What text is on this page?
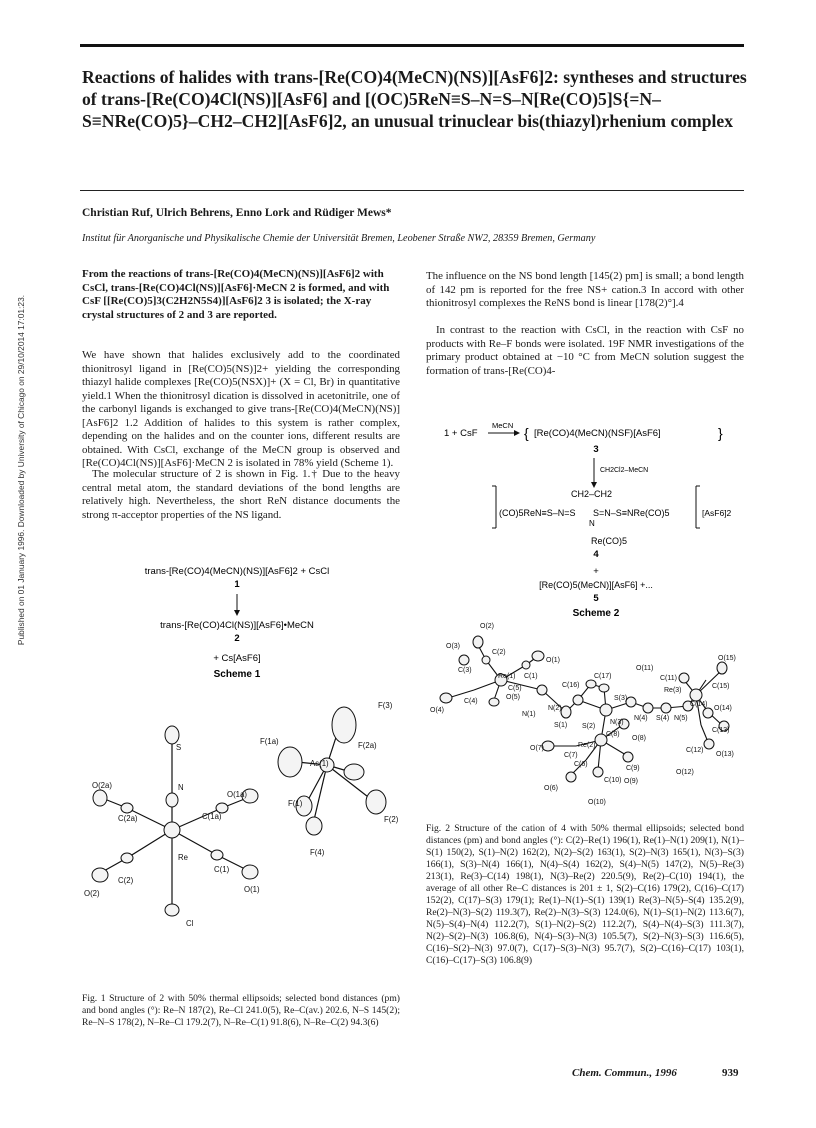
Reactions of halides with trans-[Re(CO)4(MeCN)(NS)][AsF6]2: syntheses and structures of trans-[Re(CO)4Cl(NS)][AsF6] and [(OC)5ReN≡S–N=S–N[Re(CO)5]S{=N–S≡NRe(CO)5}–CH2–CH2][AsF6]2, an unusual trinuclear bis(thiazyl)rhenium complex
Christian Ruf, Ulrich Behrens, Enno Lork and Rüdiger Mews*
Institut für Anorganische und Physikalische Chemie der Universität Bremen, Leobener Straße NW2, 28359 Bremen, Germany
Published on 01 January 1996. Downloaded by University of Chicago on 29/10/2014 17:01:23.

From the reactions of trans-[Re(CO)4(MeCN)(NS)][AsF6]2 with CsCl, trans-[Re(CO)4Cl(NS)][AsF6]·MeCN 2 is formed, and with CsF [[Re(CO)5]3(C2H2N5S4)][AsF6]2 3 is isolated; the X-ray crystal structures of 2 and 3 are reported.

We have shown that halides exclusively add to the coordinated thionitrosyl ligand in [Re(CO)5(NS)]2+ yielding the corresponding thiazyl halide complexes [Re(CO)5(NSX)]+ (X = Cl, Br) in quantitative yield.1 When the thionitrosyl dication is dissolved in acetonitrile, one of the carbonyl ligands is exchanged to give trans-[Re(CO)4(MeCN)(NS)][AsF6]2 1.2 Addition of halides to this system is rather complex, depending on the halides and on the counter ions, different results are obtained. With CsCl, exchange of the MeCN group is observed and [Re(CO)4Cl(NS)][AsF6]·MeCN 2 is isolated in 78% yield (Scheme 1).

The molecular structure of 2 is shown in Fig. 1.† Due to the heavy central metal atom, the standard deviations of the bond lengths are relatively high. Nevertheless, the short ReN distance documents the strong π-acceptor properties of the NS ligand.

The influence on the NS bond length [145(2) pm] is small; a bond length of 142 pm is reported for the free NS+ cation.3 In accord with other thionitrosyl complexes the ReNS bond is linear [178(2)°].4

In contrast to the reaction with CsCl, in the reaction with CsF no products with Re–F bonds were isolated. 19F NMR investigations of the primary product obtained at −10 °C from MeCN solution suggest the formation of trans-[Re(CO)4-

trans-[Re(CO)4(MeCN)(NS)][AsF6]2 + CsCl
1
trans-[Re(CO)4Cl(NS)][AsF6]•MeCN
2
+ Cs[AsF6]
Scheme 1
S
F(3)
F(1a)	F(2a)
As(1)
N
C(1a)
O(1a)
O(2a)
C(2a)
F(1)
F(2)
Re
C(2)
C(1)
O(2)	O(1)
F(4)
Cl

Fig. 1 Structure of 2 with 50% thermal ellipsoids; selected bond distances (pm) and bond angles (°): Re–N 187(2), Re–Cl 241.0(5), Re–C(av.) 202.6, N–S 145(2); Re–N–S 178(2), N–Re–Cl 179.2(7), N–Re–C(1) 91.8(6), N–Re–C(2) 94.3(6)

1 + CsF
MeCN { [Re(CO)4(MeCN)(NSF)[AsF6]	}
3
CH2Cl2–MeCN
CH2–CH2
(CO)5ReN≡S–N=S S=N–S≡NRe(CO)5
N
[AsF6]2
Re(CO)5
4
+
[Re(CO)5(MeCN)][AsF6] +...
5
Scheme 2
O(2)
O(3)
C(2)
C(3)
O(1)
C(1)
Re(1)
C(5)
O(5)
C(4)
O(4)
N(1)
C(17)
C(16)
S(3)
N(2)
S(1) S(2)
N(3)
N(4) S(4) N(5)
O(11)
C(11)
Re(3)
O(15)
C(15)
C(14)
O(14)
C(13)
O(13)
C(12)
O(12)
O(7)	Re(2)
C(8)
O(8)
C(7)
C(6)
O(6)
C(10)
O(10)
C(9)
O(9)

Fig. 2 Structure of the cation of 4 with 50% thermal ellipsoids; selected bond distances (pm) and bond angles (°): C(2)–Re(1) 196(1), Re(1)–N(1) 209(1), N(1)–S(1) 150(2), S(1)–N(2) 162(2), N(2)–S(2) 163(1), S(2)–N(3) 165(1), N(3)–S(3) 166(1), S(3)–N(4) 166(1), N(4)–S(4) 162(2), S(4)–N(5) 147(2), N(5)–Re(3) 213(1), Re(3)–C(14) 198(1), N(3)–Re(2) 220.5(9), Re(2)–C(10) 194(1), the average of all other Re–C distances is 201 ± 1, S(2)–C(16) 179(2), C(16)–C(17) 152(2), C(17)–S(3) 179(1); Re(1)–N(1)–S(1) 139(1) Re(3)–N(5)–S(4) 135.2(9), Re(2)–N(3)–S(2) 119.3(7), Re(2)–N(3)–S(3) 124.0(6), N(1)–S(1)–N(2) 113.6(7), N(5)–S(4)–N(4) 112.2(7), S(1)–N(2)–S(2) 112.2(7), S(4)–N(4)–S(3) 111.3(7), N(2)–S(2)–N(3) 106.8(6), N(4)–S(3)–N(3) 105.5(7), S(2)–N(3)–S(3) 116.6(5), C(16)–S(2)–N(3) 97.0(7), C(17)–S(3)–N(3) 95.7(7), S(2)–C(16)–C(17) 103(1), C(16)–C(17)–S(3) 106.8(9)

Chem. Commun., 1996	939
